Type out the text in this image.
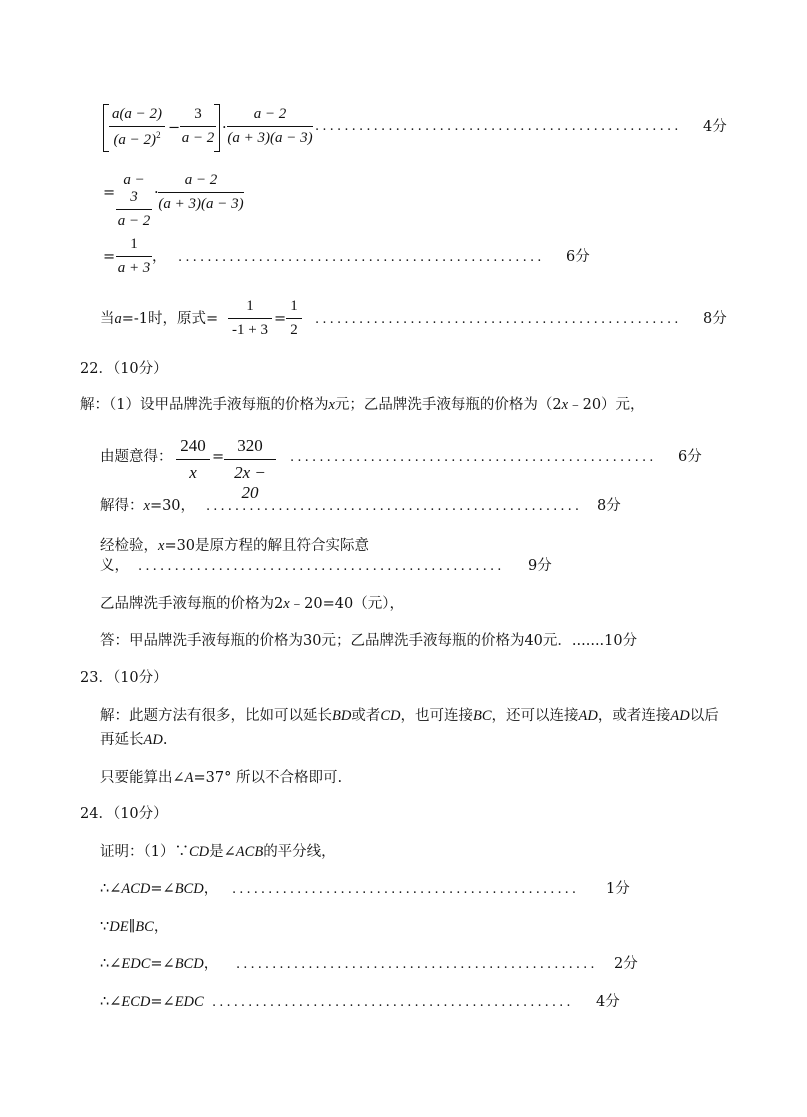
a(a − 2)
$(a - 2)^2$ −
3
a − 2
·
a − 2
(a + 3)(a − 3)
.................................................. 4分
=
a − 3
a − 2
·
a − 2
(a + 3)(a − 3)
=
1
a + 3
， .................................................. 6分
当a=-1时，原式=
1
-1 + 3
=
1
2
.................................................. 8分
22．（10分）
解：（1）设甲品牌洗手液每瓶的价格为x元；乙品牌洗手液每瓶的价格为（2x﹣20）元，
由题意得：
240
x
=
320
2x − 20
.................................................. 6分
解得：x=30， .................................................... 8分
经检验，x=30是原方程的解且符合实际意
义， .................................................. 9分
乙品牌洗手液每瓶的价格为2x﹣20=40（元），
答：甲品牌洗手液每瓶的价格为30元；乙品牌洗手液每瓶的价格为40元．.......10分
23．（10分）
解：此题方法有很多，比如可以延长BD或者CD，也可连接BC，还可以连接AD，或者连接AD以后
再延长AD.
只要能算出∠A=37° 所以不合格即可.
24．（10分）
证明：（1）∵CD是∠ACB的平分线，
∴∠ACD=∠BCD， ................................................ 1分
∵DE∥BC，
∴∠EDC=∠BCD， .................................................. 2分
∴∠ECD=∠EDC .................................................. 4分
